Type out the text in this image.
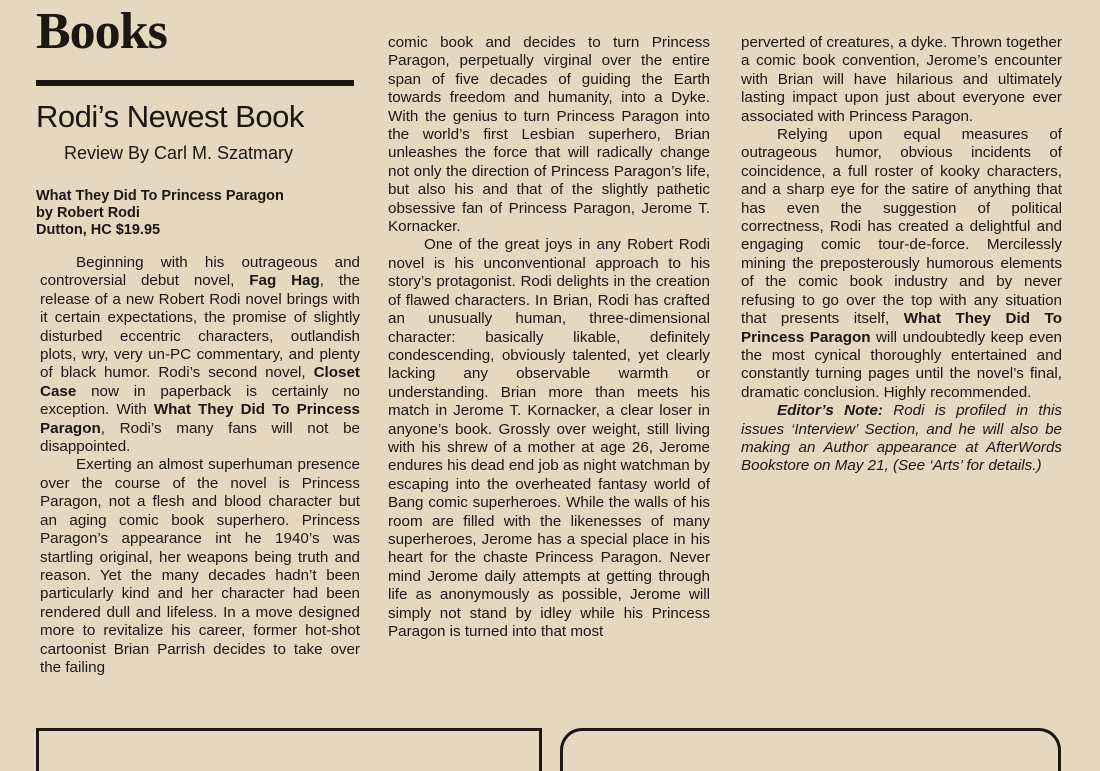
Books
Rodi’s Newest Book
Review By Carl M. Szatmary
What They Did To Princess Paragon
by Robert Rodi
Dutton, HC $19.95

Beginning with his outrageous and controversial debut novel, Fag Hag, the release of a new Robert Rodi novel brings with it certain expectations, the promise of slightly disturbed eccentric characters, outlandish plots, wry, very un-PC commentary, and plenty of black humor. Rodi’s second novel, Closet Case now in paperback is certainly no exception. With What They Did To Princess Paragon, Rodi’s many fans will not be disappointed.

Exerting an almost superhuman presence over the course of the novel is Princess Paragon, not a flesh and blood character but an aging comic book superhero. Princess Paragon’s appearance int he 1940’s was startling original, her weapons being truth and reason. Yet the many decades hadn’t been particularly kind and her character had been rendered dull and lifeless. In a move designed more to revitalize his career, former hot-shot cartoonist Brian Parrish decides to take over the failing

comic book and decides to turn Princess Paragon, perpetually virginal over the entire span of five decades of guiding the Earth towards freedom and humanity, into a Dyke. With the genius to turn Princess Paragon into the world’s first Lesbian superhero, Brian unleashes the force that will radically change not only the direction of Princess Paragon’s life, but also his and that of the slightly pathetic obsessive fan of Princess Paragon, Jerome T. Kornacker.

One of the great joys in any Robert Rodi novel is his unconventional approach to his story’s protagonist. Rodi delights in the creation of flawed characters. In Brian, Rodi has crafted an unusually human, three-dimensional character: basically likable, definitely condescending, obviously talented, yet clearly lacking any observable warmth or understanding. Brian more than meets his match in Jerome T. Kornacker, a clear loser in anyone’s book. Grossly over weight, still living with his shrew of a mother at age 26, Jerome endures his dead end job as night watchman by escaping into the overheated fantasy world of Bang comic superheroes. While the walls of his room are filled with the likenesses of many superheroes, Jerome has a special place in his heart for the chaste Princess Paragon. Never mind Jerome daily attempts at getting through life as anonymously as possible, Jerome will simply not stand by idley while his Princess Paragon is turned into that most

perverted of creatures, a dyke. Thrown together a comic book convention, Jerome’s encounter with Brian will have hilarious and ultimately lasting impact upon just about everyone ever associated with Princess Paragon.

Relying upon equal measures of outrageous humor, obvious incidents of coincidence, a full roster of kooky characters, and a sharp eye for the satire of anything that has even the suggestion of political correctness, Rodi has created a delightful and engaging comic tour-de-force. Mercilessly mining the preposterously humorous elements of the comic book industry and by never refusing to go over the top with any situation that presents itself, What They Did To Princess Paragon will undoubtedly keep even the most cynical thoroughly entertained and constantly turning pages until the novel’s final, dramatic conclusion. Highly recommended.

Editor’s Note: Rodi is profiled in this issues ‘Interview’ Section, and he will also be making an Author appearance at AfterWords Bookstore on May 21, (See ‘Arts’ for details.)
